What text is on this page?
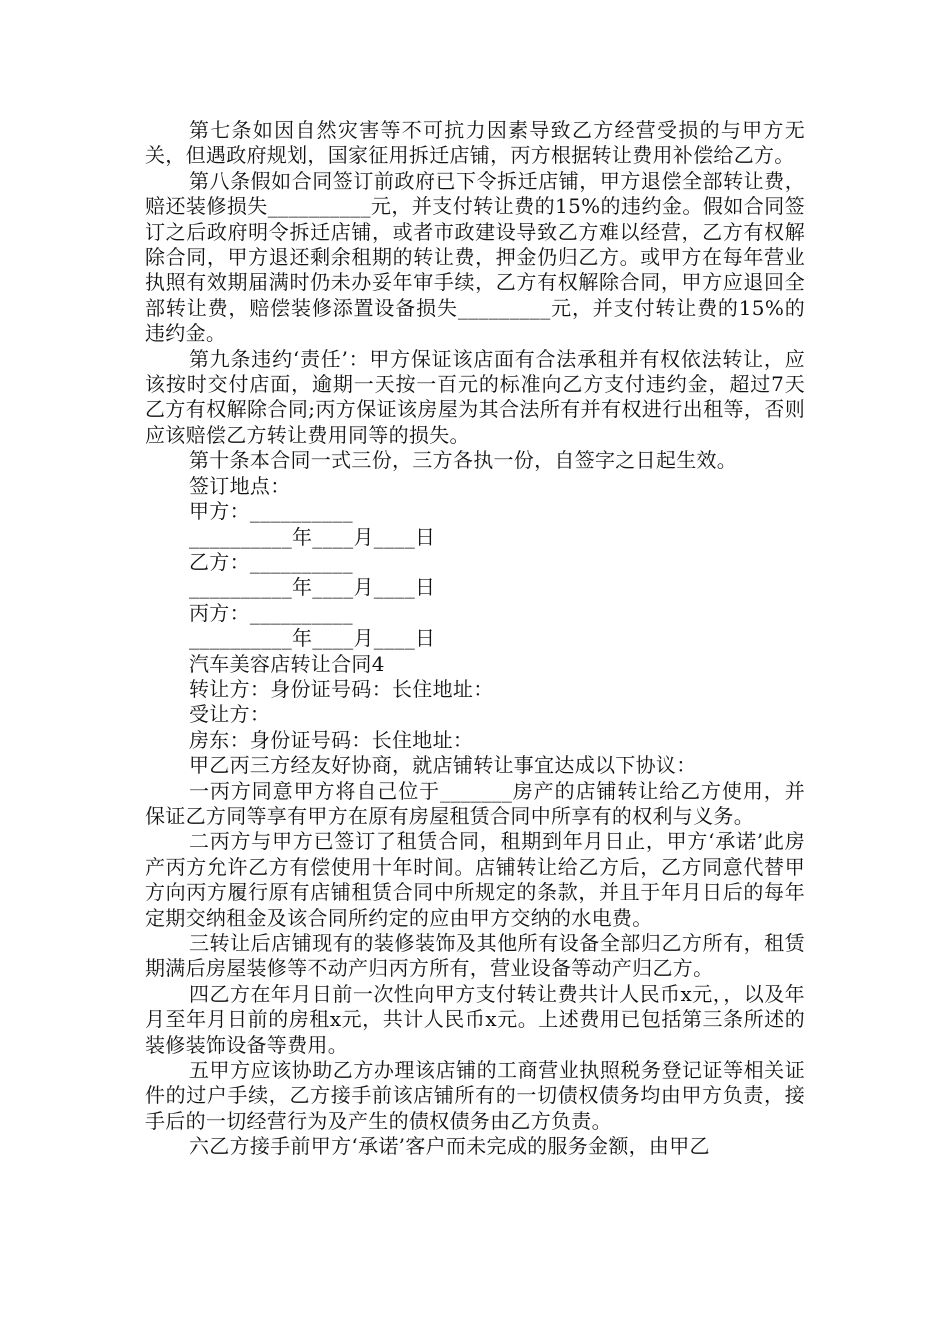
第七条如因自然灾害等不可抗力因素导致乙方经营受损的与甲方无关，但遇政府规划，国家征用拆迁店铺，丙方根据转让费用补偿给乙方。

第八条假如合同签订前政府已下令拆迁店铺，甲方退偿全部转让费，赔还装修损失__________元，并支付转让费的15%的违约金。假如合同签订之后政府明令拆迁店铺，或者市政建设导致乙方难以经营，乙方有权解除合同，甲方退还剩余租期的转让费，押金仍归乙方。或甲方在每年营业执照有效期届满时仍未办妥年审手续，乙方有权解除合同，甲方应退回全部转让费，赔偿装修添置设备损失_________元，并支付转让费的15%的违约金。

第九条违约‘责任’：甲方保证该店面有合法承租并有权依法转让，应该按时交付店面，逾期一天按一百元的标准向乙方支付违约金，超过7天乙方有权解除合同;丙方保证该房屋为其合法所有并有权进行出租等，否则应该赔偿乙方转让费用同等的损失。

第十条本合同一式三份，三方各执一份，自签字之日起生效。

签订地点：

甲方：__________

__________年____月____日

乙方：__________

__________年____月____日

丙方：__________

__________年____月____日

汽车美容店转让合同4

转让方：身份证号码：长住地址：

受让方：

房东：身份证号码：长住地址：

甲乙丙三方经友好协商，就店铺转让事宜达成以下协议：

一丙方同意甲方将自己位于_______房产的店铺转让给乙方使用，并保证乙方同等享有甲方在原有房屋租赁合同中所享有的权利与义务。

二丙方与甲方已签订了租赁合同，租期到年月日止，甲方‘承诺’此房产丙方允许乙方有偿使用十年时间。店铺转让给乙方后，乙方同意代替甲方向丙方履行原有店铺租赁合同中所规定的条款，并且于年月日后的每年定期交纳租金及该合同所约定的应由甲方交纳的水电费。

三转让后店铺现有的装修装饰及其他所有设备全部归乙方所有，租赁期满后房屋装修等不动产归丙方所有，营业设备等动产归乙方。

四乙方在年月日前一次性向甲方支付转让费共计人民币x元，，以及年月至年月日前的房租x元，共计人民币x元。上述费用已包括第三条所述的装修装饰设备等费用。

五甲方应该协助乙方办理该店铺的工商营业执照税务登记证等相关证件的过户手续，乙方接手前该店铺所有的一切债权债务均由甲方负责，接手后的一切经营行为及产生的债权债务由乙方负责。

六乙方接手前甲方‘承诺’客户而未完成的服务金额，由甲乙
